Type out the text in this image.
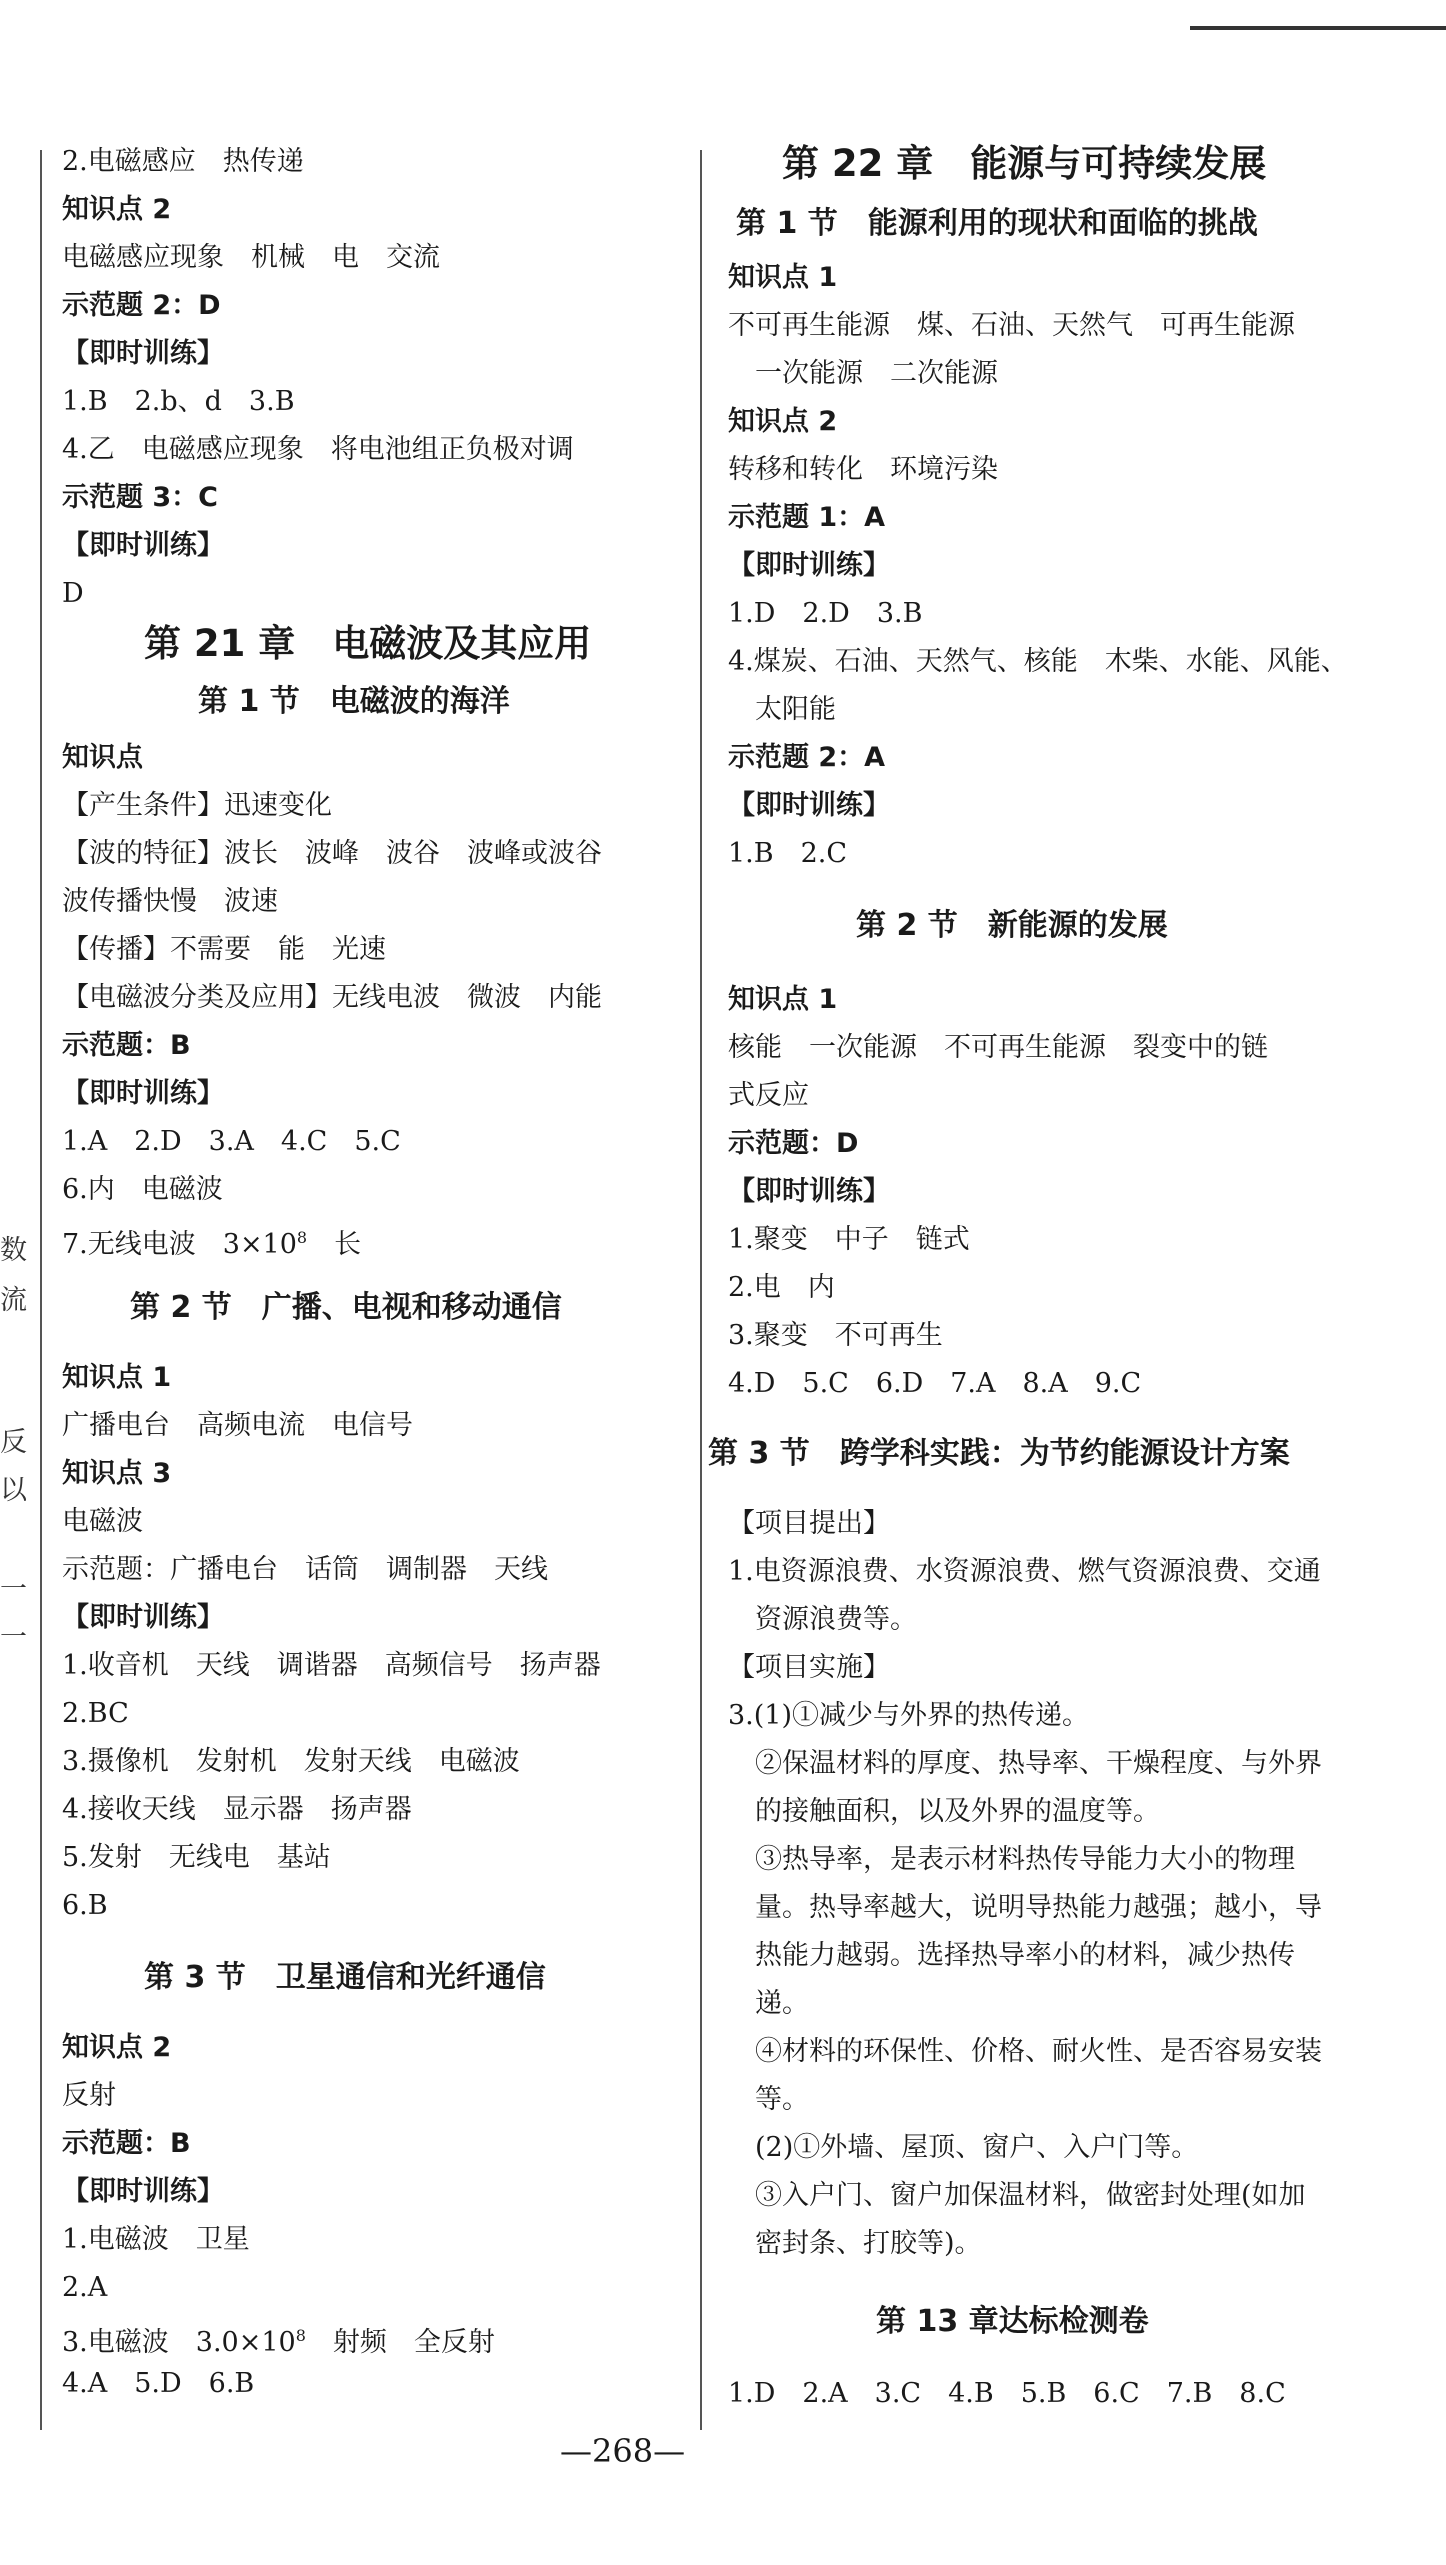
数
流
反
以
一
一
2.电磁感应　热传递
知识点 2
电磁感应现象　机械　电　交流
示范题 2：D
【即时训练】
1.B　2.b、d　3.B
4.乙　电磁感应现象　将电池组正负极对调
示范题 3：C
【即时训练】
D
第 21 章　电磁波及其应用
第 1 节　电磁波的海洋
知识点
【产生条件】迅速变化
【波的特征】波长　波峰　波谷　波峰或波谷
波传播快慢　波速
【传播】不需要　能　光速
【电磁波分类及应用】无线电波　微波　内能
示范题：B
【即时训练】
1.A　2.D　3.A　4.C　5.C
6.内　电磁波
7.无线电波　$3\times 10^8$　长
第 2 节　广播、电视和移动通信
知识点 1
广播电台　高频电流　电信号
知识点 3
电磁波
示范题：广播电台　话筒　调制器　天线
【即时训练】
1.收音机　天线　调谐器　高频信号　扬声器
2.BC
3.摄像机　发射机　发射天线　电磁波
4.接收天线　显示器　扬声器
5.发射　无线电　基站
6.B
第 3 节　卫星通信和光纤通信
知识点 2
反射
示范题：B
【即时训练】
1.电磁波　卫星
2.A
3.电磁波　$3.0\times 10^8$　射频　全反射
4.A　5.D　6.B
第 22 章　能源与可持续发展
第 1 节　能源利用的现状和面临的挑战
知识点 1
不可再生能源　煤、石油、天然气　可再生能源
　一次能源　二次能源
知识点 2
转移和转化　环境污染
示范题 1：A
【即时训练】
1.D　2.D　3.B
4.煤炭、石油、天然气、核能　木柴、水能、风能、
　太阳能
示范题 2：A
【即时训练】
1.B　2.C
第 2 节　新能源的发展
知识点 1
核能　一次能源　不可再生能源　裂变中的链
式反应
示范题：D
【即时训练】
1.聚变　中子　链式
2.电　内
3.聚变　不可再生
4.D　5.C　6.D　7.A　8.A　9.C
第 3 节　跨学科实践：为节约能源设计方案
【项目提出】
1.电资源浪费、水资源浪费、燃气资源浪费、交通
　资源浪费等。
【项目实施】
3.(1)①减少与外界的热传递。
　②保温材料的厚度、热导率、干燥程度、与外界
　的接触面积，以及外界的温度等。
　③热导率，是表示材料热传导能力大小的物理
　量。热导率越大，说明导热能力越强；越小，导
　热能力越弱。选择热导率小的材料，减少热传
　递。
　④材料的环保性、价格、耐火性、是否容易安装
　等。
　(2)①外墙、屋顶、窗户、入户门等。
　③入户门、窗户加保温材料，做密封处理(如加
　密封条、打胶等)。
第 13 章达标检测卷
1.D　2.A　3.C　4.B　5.B　6.C　7.B　8.C
—268—
